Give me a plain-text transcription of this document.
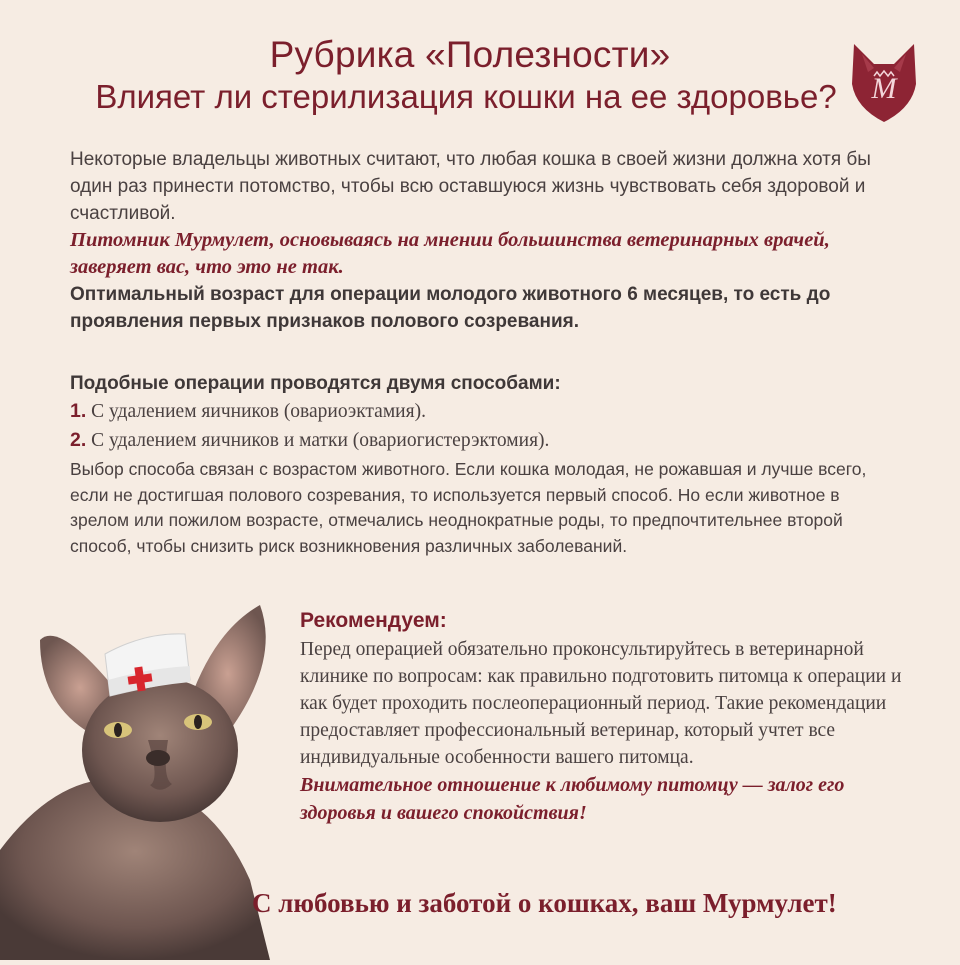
Рубрика «Полезности»
Влияет ли стерилизация кошки на ее здоровье?	M

Некоторые владельцы животных считают, что любая кошка в своей жизни должна хотя бы один раз принести потомство, чтобы всю оставшуюся жизнь чувствовать себя здоровой и счастливой.

Питомник Мурмулет, основываясь на мнении большинства ветеринарных врачей, заверяет вас, что это не так.

Оптимальный возраст для операции молодого животного 6 месяцев, то есть до проявления первых признаков полового созревания.

Подобные операции проводятся двумя способами:

1. С удалением яичников (овариоэктамия).

2. С удалением яичников и матки (овариогистерэктомия).

Выбор способа связан с возрастом животного. Если кошка молодая, не рожавшая и лучше всего, если не достигшая полового созревания, то используется первый способ. Но если животное в зрелом или пожилом возрасте, отмечались неоднократные роды, то предпочтительнее второй способ, чтобы снизить риск возникновения различных заболеваний.

Рекомендуем:

Перед операцией обязательно проконсультируйтесь в ветеринарной клинике по вопросам: как правильно подготовить питомца к операции и как будет проходить послеоперационный период. Такие рекомендации предоставляет профессиональный ветеринар, который учтет все индивидуальные особенности вашего питомца.

Внимательное отношение к любимому питомцу — залог его здоровья и вашего спокойствия!

С любовью и заботой о кошках, ваш Мурмулет!
